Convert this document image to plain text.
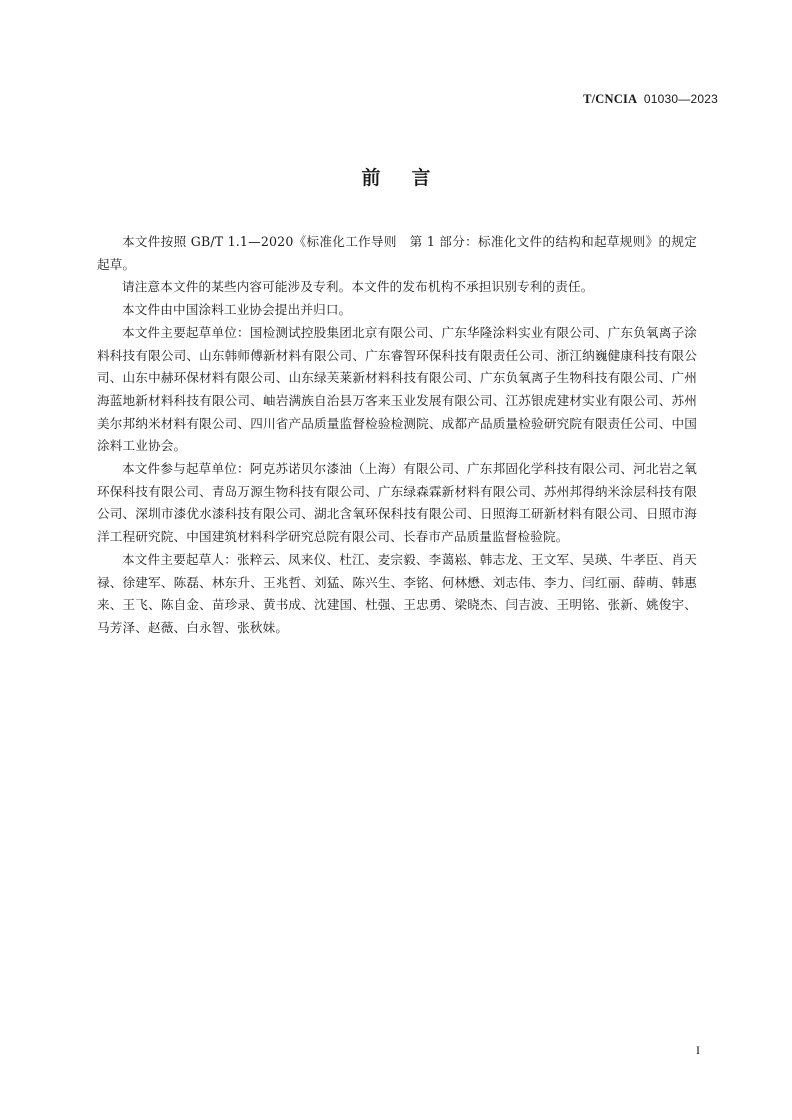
T/CNCIA 01030—2023
前言

本文件按照 GB/T 1.1—2020《标准化工作导则　第 1 部分：标准化文件的结构和起草规则》的规定起草。

请注意本文件的某些内容可能涉及专利。本文件的发布机构不承担识别专利的责任。

本文件由中国涂料工业协会提出并归口。

本文件主要起草单位：国检测试控股集团北京有限公司、广东华隆涂料实业有限公司、广东负氧离子涂料科技有限公司、山东韩师傅新材料有限公司、广东睿智环保科技有限责任公司、浙江纳巍健康科技有限公司、山东中赫环保材料有限公司、山东绿芙莱新材料科技有限公司、广东负氧离子生物科技有限公司、广州海蓝地新材料科技有限公司、岫岩满族自治县万客来玉业发展有限公司、江苏银虎建材实业有限公司、苏州美尔邦纳米材料有限公司、四川省产品质量监督检验检测院、成都产品质量检验研究院有限责任公司、中国涂料工业协会。

本文件参与起草单位：阿克苏诺贝尔漆油（上海）有限公司、广东邦固化学科技有限公司、河北岩之氧环保科技有限公司、青岛万源生物科技有限公司、广东绿森霖新材料有限公司、苏州邦得纳米涂层科技有限公司、深圳市漆优水漆科技有限公司、湖北含氧环保科技有限公司、日照海工研新材料有限公司、日照市海洋工程研究院、中国建筑材料科学研究总院有限公司、长春市产品质量监督检验院。

本文件主要起草人：张粹云、凤来仪、杜江、麦宗毅、李蔼崧、韩志龙、王文军、吴瑛、牛孝臣、肖天禄、徐建军、陈磊、林东升、王兆哲、刘猛、陈兴生、李铭、何林懋、刘志伟、李力、闫红丽、薛萌、韩惠来、王飞、陈自金、苗珍录、黄书成、沈建国、杜强、王忠勇、梁晓杰、闫吉波、王明铭、张新、姚俊宇、马芳泽、赵薇、白永智、张秋妹。

I
